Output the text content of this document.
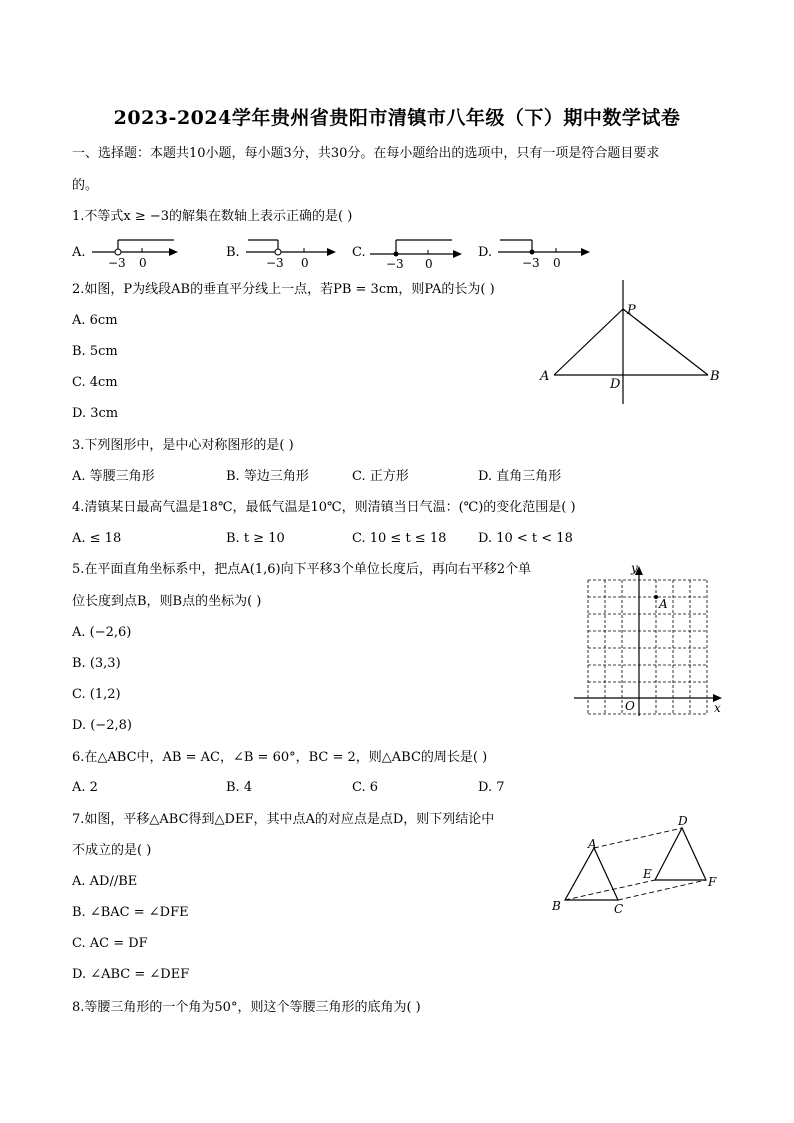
2023-2024学年贵州省贵阳市清镇市八年级（下）期中数学试卷
一、选择题：本题共10小题，每小题3分，共30分。在每小题给出的选项中，只有一项是符合题目要求
的。
1.不等式x ≥ −3的解集在数轴上表示正确的是( )
A.	B.	C.	D.
−3 0	−3 0	−3 0	−3 0
2.如图，P为线段AB的垂直平分线上一点，若PB = 3cm，则PA的长为( )
A. 6cm
B. 5cm
C. 4cm
D. 3cm
P
A	B
D
3.下列图形中，是中心对称图形的是( )
A. 等腰三角形	B. 等边三角形	C. 正方形	D. 直角三角形
4.清镇某日最高气温是18℃，最低气温是10℃，则清镇当日气温：(℃)的变化范围是( )
A. ≤ 18	B. t ≥ 10	C. 10 ≤ t ≤ 18 D. 10 < t < 18
5.在平面直角坐标系中，把点A(1,6)向下平移3个单位长度后，再向右平移2个单
位长度到点B，则B点的坐标为( )
A. (−2,6)
B. (3,3)
C. (1,2)
D. (−2,8)
y
x
O
A
6.在△ABC中，AB = AC，∠B = 60°，BC = 2，则△ABC的周长是( )
A. 2	B. 4	C. 6	D. 7
7.如图，平移△ABC得到△DEF，其中点A的对应点是点D，则下列结论中
不成立的是( )
A. AD//BE
B. ∠BAC = ∠DFE
C. AC = DF
D. ∠ABC = ∠DEF
A
B	C
D
E
F
8.等腰三角形的一个角为50°，则这个等腰三角形的底角为( )
